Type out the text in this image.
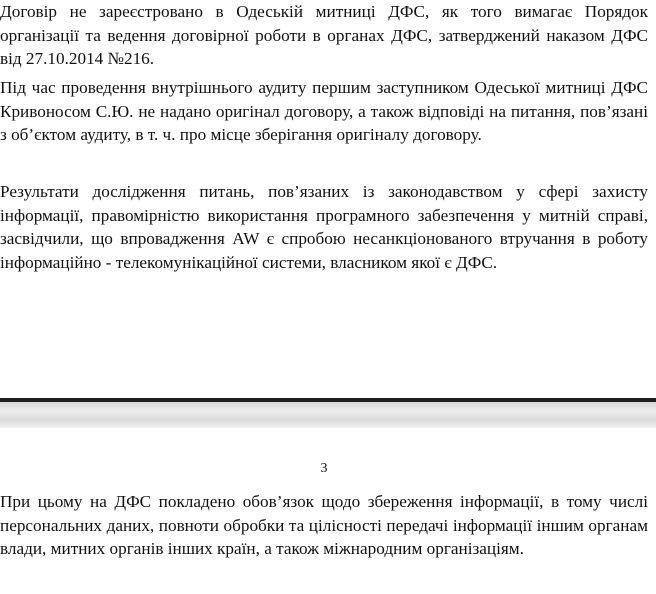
Договір не зареєстровано в Одеській митниці ДФС, як того вимагає Порядок організації та ведення договірної роботи в органах ДФС, затверджений наказом ДФС від 27.10.2014 №216.

Під час проведення внутрішнього аудиту першим заступником Одеської митниці ДФС Кривоносом С.Ю. не надано оригінал договору, а також відповіді на питання, пов’язані з об’єктом аудиту, в т. ч. про місце зберігання оригіналу договору.

Результати дослідження питань, пов’язаних із законодавством у сфері захисту інформації, правомірністю використання програмного забезпечення у митній справі, засвідчили, що впровадження AW є спробою несанкціонованого втручання в роботу інформаційно - телекомунікаційної системи, власником якої є ДФС.

3

При цьому на ДФС покладено обов’язок щодо збереження інформації, в тому числі персональних даних, повноти обробки та цілісності передачі інформації іншим органам влади, митних органів інших країн, а також міжнародним організаціям.
